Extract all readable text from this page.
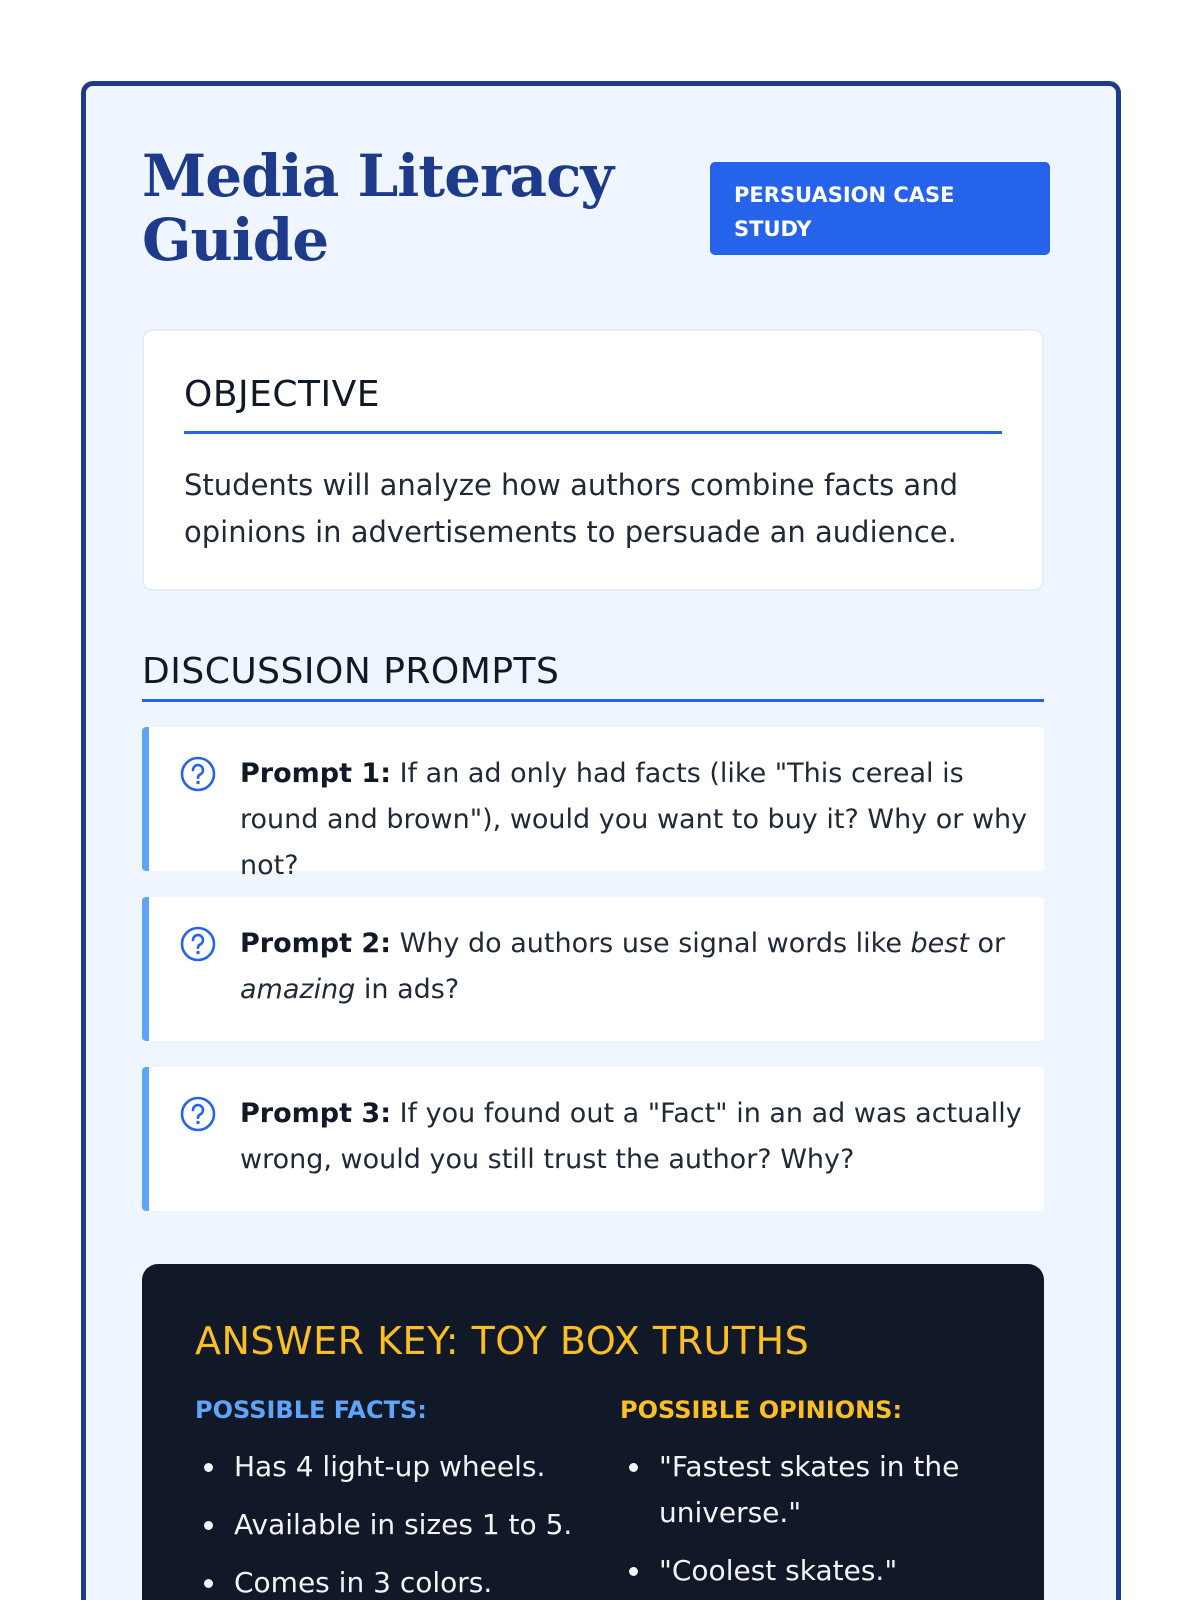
Media Literacy Guide
PERSUASION CASE STUDY
OBJECTIVE

Students will analyze how authors combine facts and opinions in advertisements to persuade an audience.

DISCUSSION PROMPTS

Prompt 1: If an ad only had facts (like "This cereal is round and brown"), would you want to buy it? Why or why not?

Prompt 2: Why do authors use signal words like best or amazing in ads?

Prompt 3: If you found out a "Fact" in an ad was actually wrong, would you still trust the author? Why?

ANSWER KEY: TOY BOX TRUTHS
POSSIBLE FACTS:
Has 4 light-up wheels.
Available in sizes 1 to 5.
Comes in 3 colors.
POSSIBLE OPINIONS:
"Fastest skates in the universe."
"Coolest skates."
